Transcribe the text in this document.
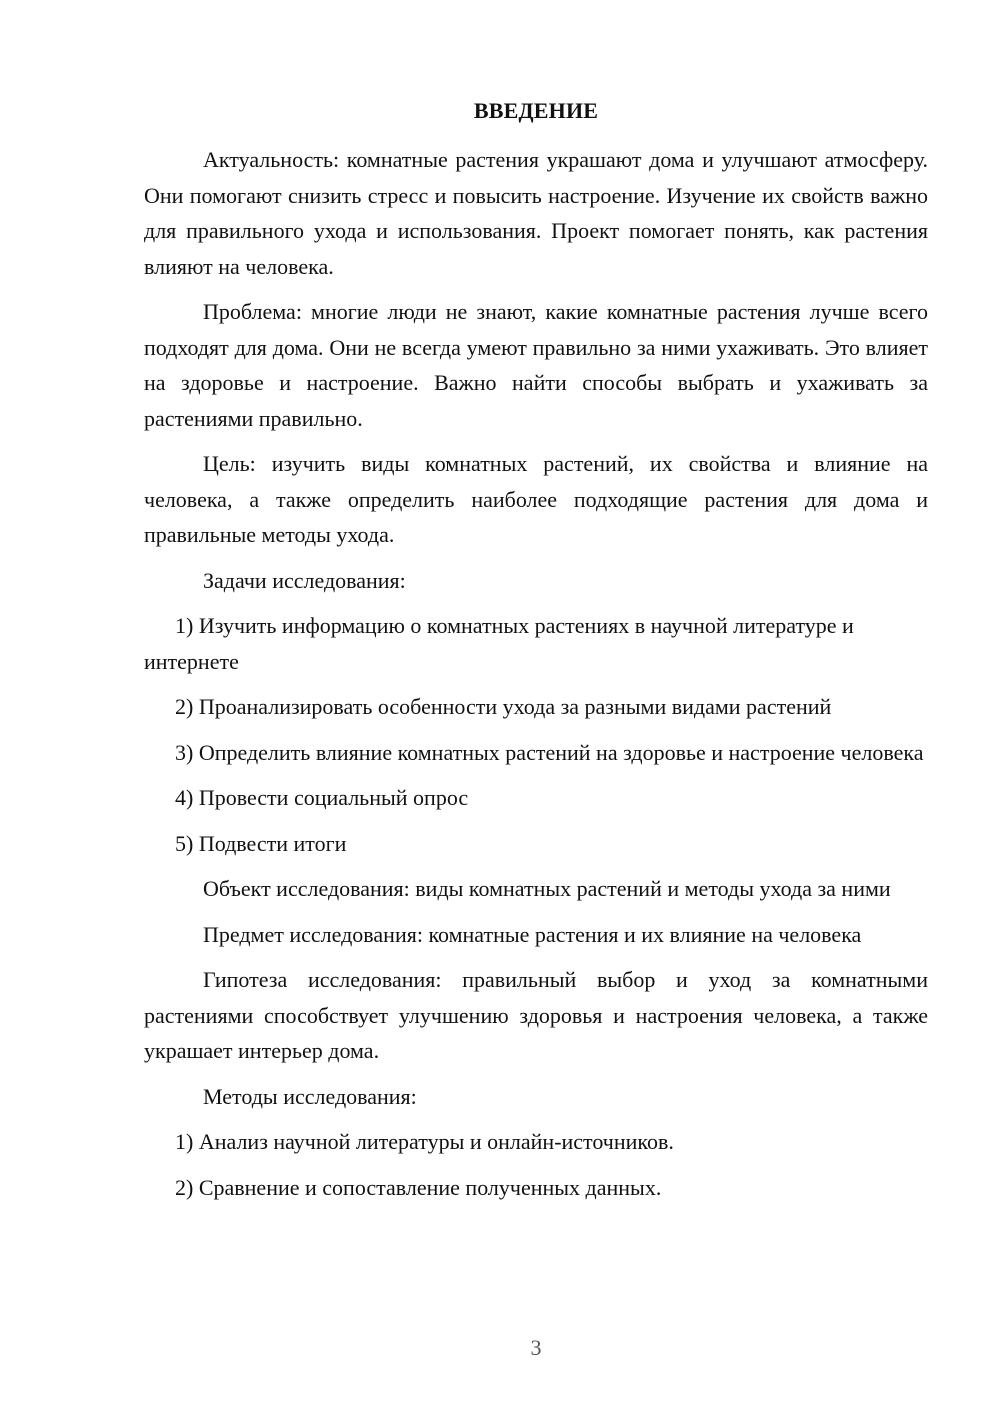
ВВЕДЕНИЕ

Актуальность: комнатные растения украшают дома и улучшают атмосферу. Они помогают снизить стресс и повысить настроение. Изучение их свойств важно для правильного ухода и использования. Проект помогает понять, как растения влияют на человека.

Проблема: многие люди не знают, какие комнатные растения лучше всего подходят для дома. Они не всегда умеют правильно за ними ухаживать. Это влияет на здоровье и настроение. Важно найти способы выбрать и ухаживать за растениями правильно.

Цель: изучить виды комнатных растений, их свойства и влияние на человека, а также определить наиболее подходящие растения для дома и правильные методы ухода.

Задачи исследования:

1) Изучить информацию о комнатных растениях в научной литературе и интернете

2) Проанализировать особенности ухода за разными видами растений

3) Определить влияние комнатных растений на здоровье и настроение человека

4) Провести социальный опрос

5) Подвести итоги

Объект исследования: виды комнатных растений и методы ухода за ними

Предмет исследования: комнатные растения и их влияние на человека

Гипотеза исследования: правильный выбор и уход за комнатными растениями способствует улучшению здоровья и настроения человека, а также украшает интерьер дома.

Методы исследования:

1) Анализ научной литературы и онлайн-источников.

2) Сравнение и сопоставление полученных данных.

3
